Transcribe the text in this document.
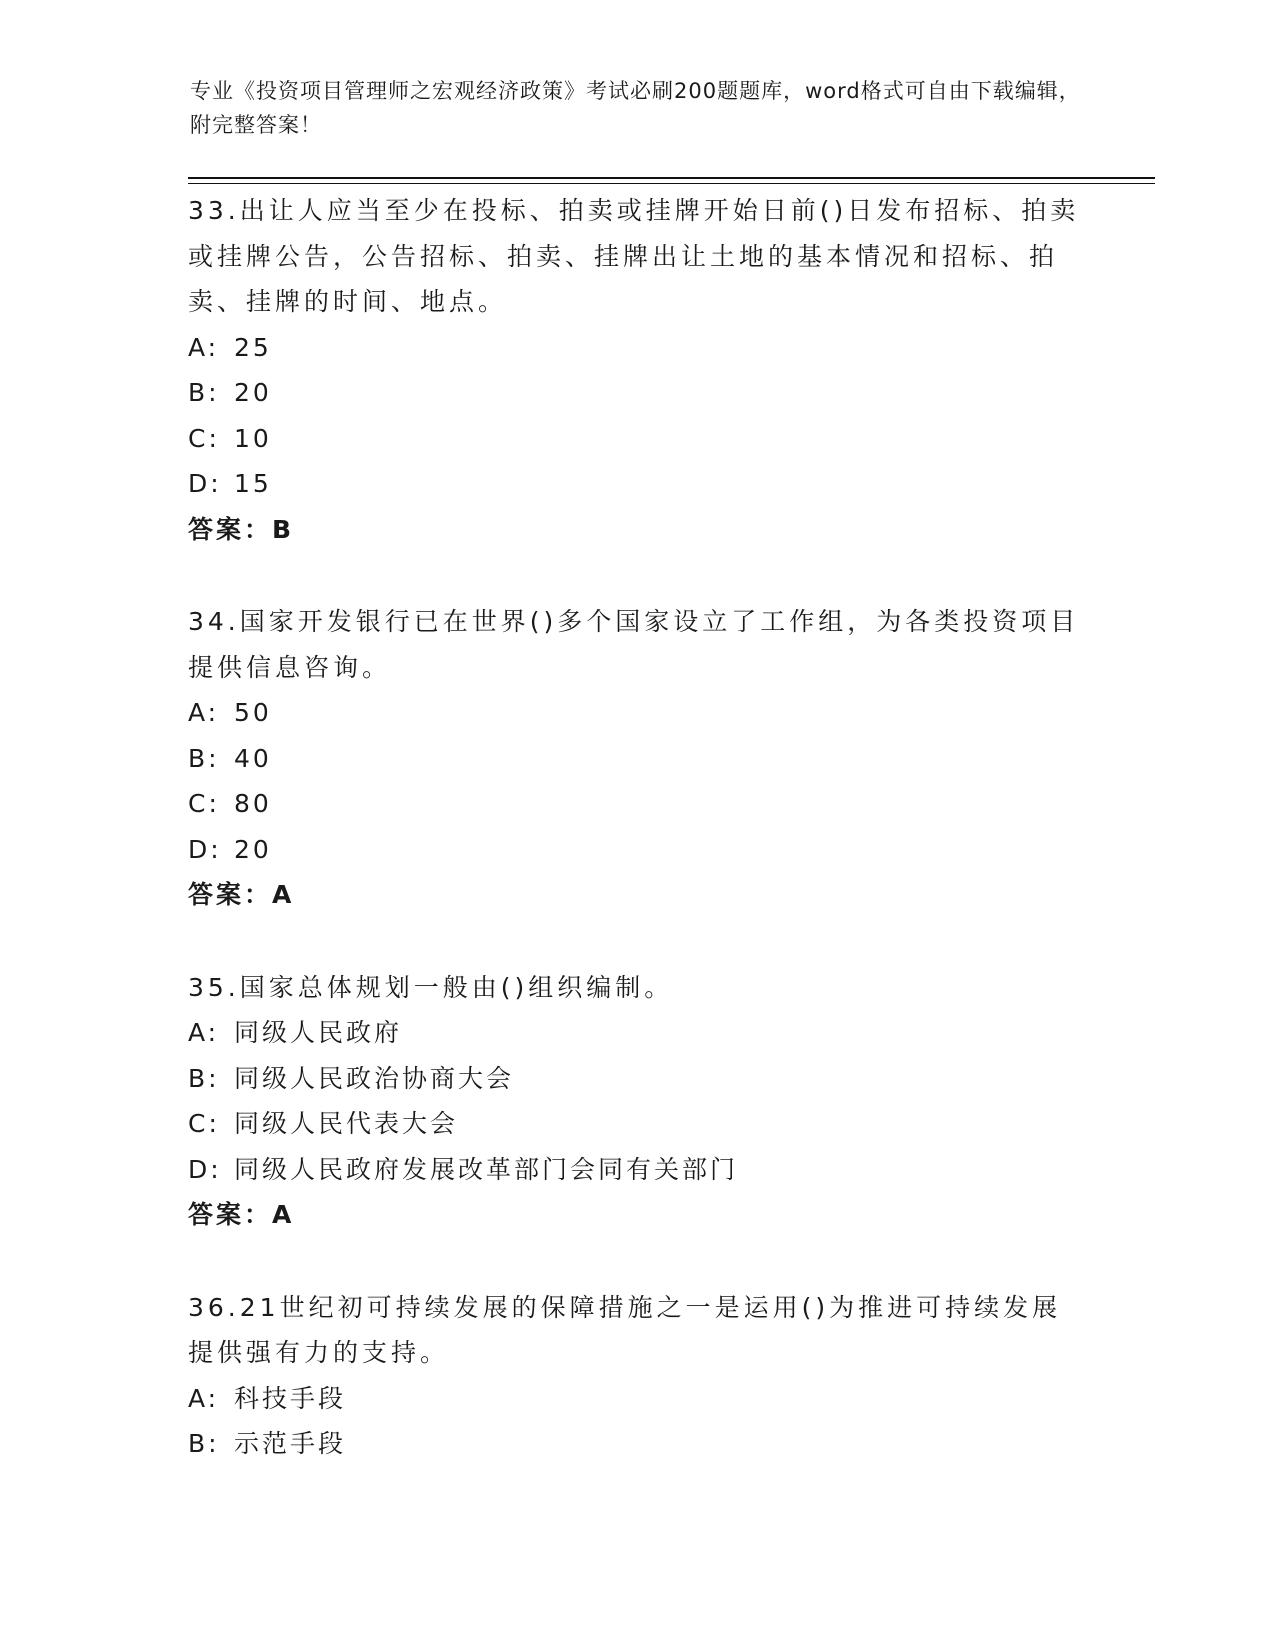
专业《投资项目管理师之宏观经济政策》考试必刷200题题库，word格式可自由下载编辑，附完整答案！

33.出让人应当至少在投标、拍卖或挂牌开始日前()日发布招标、拍卖或挂牌公告，公告招标、拍卖、挂牌出让土地的基本情况和招标、拍卖、挂牌的时间、地点。

A: 25
B: 20
C: 10
D: 15

答案：B

34.国家开发银行已在世界()多个国家设立了工作组，为各类投资项目提供信息咨询。

A: 50
B: 40
C: 80
D: 20

答案：A

35.国家总体规划一般由()组织编制。

A: 同级人民政府
B: 同级人民政治协商大会
C: 同级人民代表大会
D: 同级人民政府发展改革部门会同有关部门

答案：A

36.21世纪初可持续发展的保障措施之一是运用()为推进可持续发展提供强有力的支持。

A: 科技手段
B: 示范手段
